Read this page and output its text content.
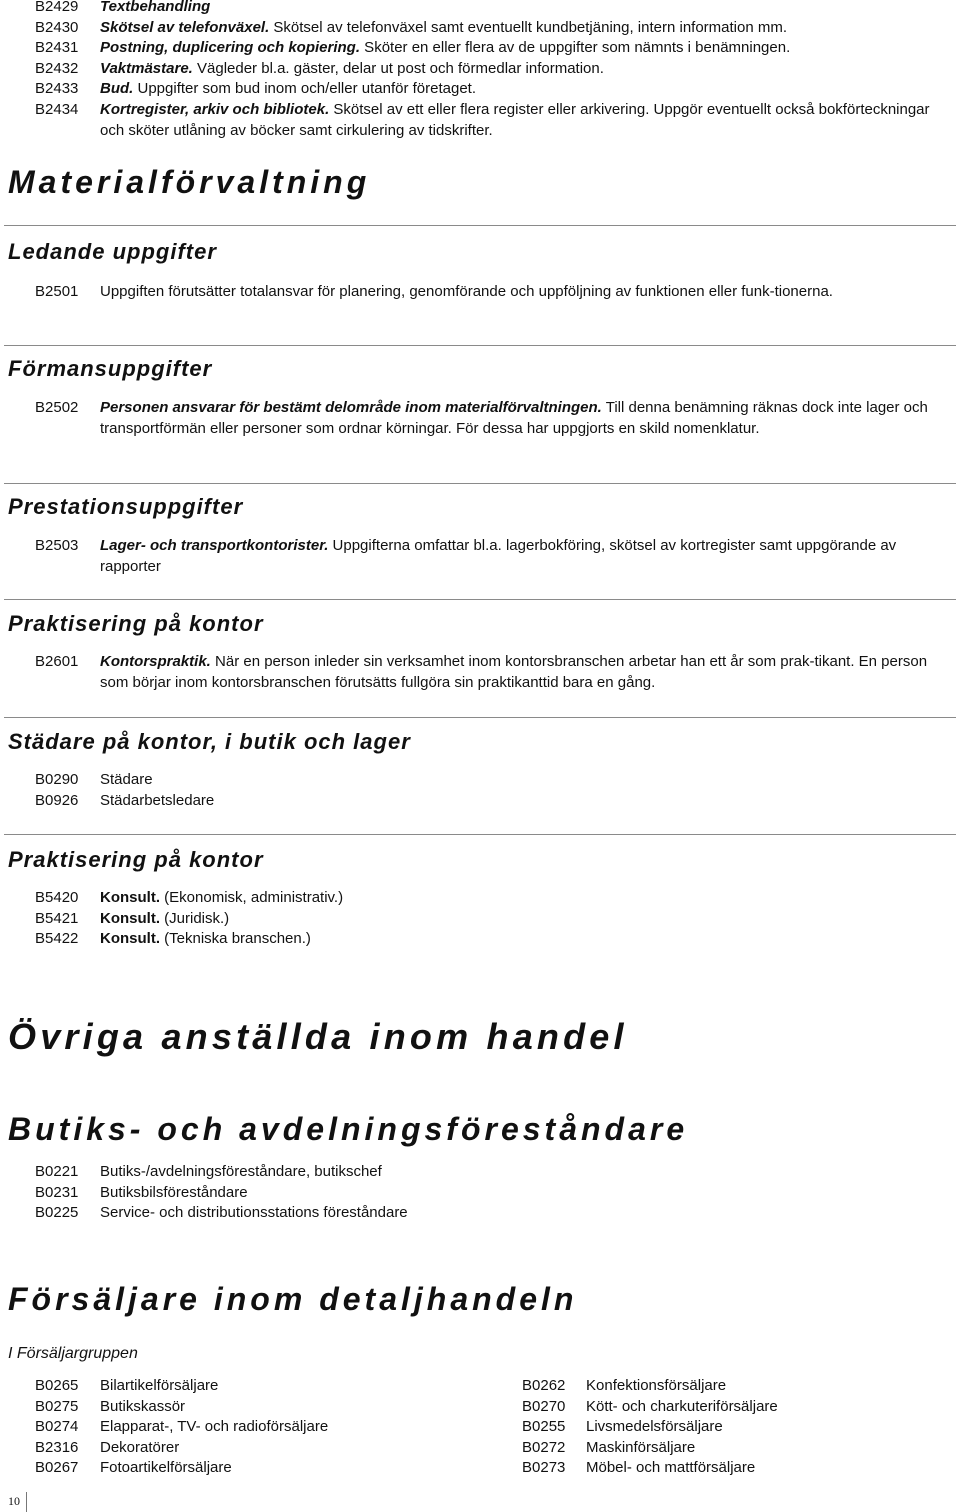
B2429	Textbehandling
B2430	Skötsel av telefonväxel. Skötsel av telefonväxel samt eventuellt kundbetjäning, intern information mm.
B2431	Postning, duplicering och kopiering. Sköter en eller flera av de uppgifter som nämnts i benämningen.
B2432	Vaktmästare. Vägleder bl.a. gäster, delar ut post och förmedlar information.
B2433	Bud. Uppgifter som bud inom och/eller utanför företaget.
B2434	Kortregister, arkiv och bibliotek. Skötsel av ett eller flera register eller arkivering. Uppgör eventuellt också bokförteckningar och sköter utlåning av böcker samt cirkulering av tidskrifter.
Materialförvaltning
Ledande uppgifter
B2501	Uppgiften förutsätter totalansvar för planering, genomförande och uppföljning av funktionen eller funk-tionerna.
Förmansuppgifter
B2502	Personen ansvarar för bestämt delområde inom materialförvaltningen. Till denna benämning räknas dock inte lager och transportförmän eller personer som ordnar körningar. För dessa har uppgjorts en skild nomenklatur.
Prestationsuppgifter
B2503	Lager- och transportkontorister. Uppgifterna omfattar bl.a. lagerbokföring, skötsel av kortregister samt uppgörande av rapporter
Praktisering på kontor
B2601	Kontorspraktik. När en person inleder sin verksamhet inom kontorsbranschen arbetar han ett år som prak-tikant. En person som börjar inom kontorsbranschen förutsätts fullgöra sin praktikanttid bara en gång.
Städare på kontor, i butik och lager
B0290	Städare
B0926	Städarbetsledare
Praktisering på kontor
B5420	Konsult. (Ekonomisk, administrativ.)
B5421	Konsult. (Juridisk.)
B5422	Konsult. (Tekniska branschen.)
Övriga anställda inom handel
Butiks- och avdelningsföreståndare
B0221	Butiks-/avdelningsföreståndare, butikschef
B0231	Butiksbilsföreståndare
B0225	Service- och distributionsstations föreståndare
Försäljare inom detaljhandeln
I Försäljargruppen
B0265	Bilartikelförsäljare
B0275	Butikskassör
B0274	Elapparat-, TV- och radioförsäljare
B2316	Dekoratörer
B0267	Fotoartikelförsäljare
B0262	Konfektionsförsäljare
B0270	Kött- och charkuteriförsäljare
B0255	Livsmedelsförsäljare
B0272	Maskinförsäljare
B0273	Möbel- och mattförsäljare
10
